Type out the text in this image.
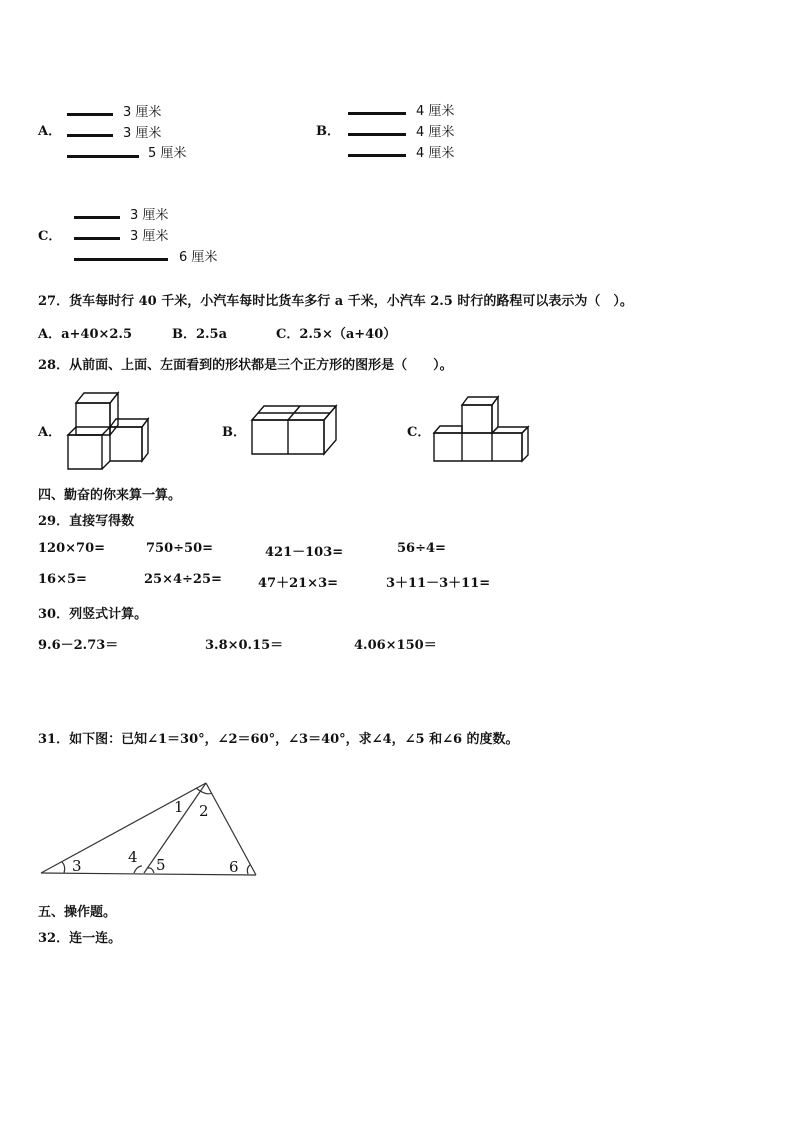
A．
3 厘米
3 厘米
5 厘米
B．
4 厘米
4 厘米
4 厘米
C．
3 厘米
3 厘米
6 厘米
27．货车每时行 40 千米，小汽车每时比货车多行 a 千米，小汽车 2.5 时行的路程可以表示为（　）。
A．a+40×2.5	B．2.5a	C．2.5×（a+40）
28．从前面、上面、左面看到的形状都是三个正方形的图形是（　　）。
A．	B．	C．
四、勤奋的你来算一算。
29．直接写得数
120×70=	750÷50=	421－103=	56÷4=
16×5=	25×4÷25=	47＋21×3=	3＋11－3＋11=
30．列竖式计算。
9.6－2.73＝	3.8×0.15＝	4.06×150＝
31．如下图：已知∠1＝30°，∠2＝60°，∠3＝40°，求∠4，∠5 和∠6 的度数。
1 2
3	4 5	6
五、操作题。
32．连一连。
